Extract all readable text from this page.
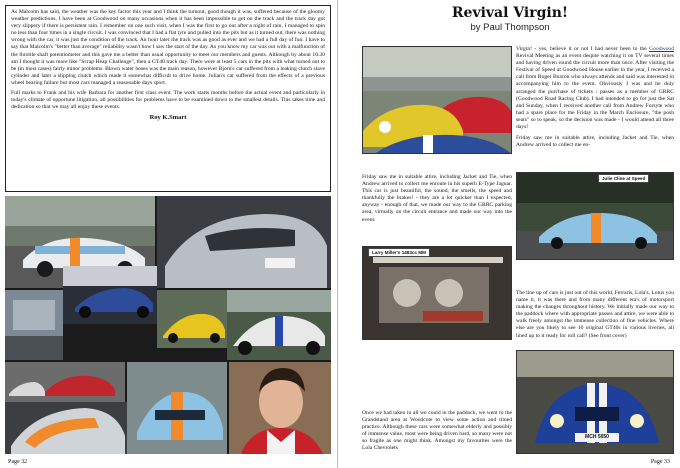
As Malcolm has said, the weather was the key factor this year and I think the turnout, good though it was, suffered because of the gloomy weather predictions. I have been at Goodwood on many occasions when it has been impossible to get on the track and the track day got very slippery if there is persistent rain. I remember on one such visit, when I was the first to go out after a night of rain, I managed to spin no less than four times in a single circuit. I was convinced that I had a flat tyre and pulled into the pits but as it turned out, there was nothing wrong with the car, it was just the condition of the track. An hour later the track was as good as ever and we had a full day of fun. I have to say that Malcolm's "better than average" reliability wasn't how I saw the start of the day. As you know my car was out with a malfunction of the throttle shaft potentiometer and this gave me a better than usual opportunity to meet our members and guests. Although by about 10.30 am I thought it was more like "Scrap Heap Challenge", then a GT40 track day. There were at least 5 cars in the pits with what turned out to be (in most cases) fairly minor problems. Blown water hoses was the main reason, however Bjorn's car suffered from a leaking clutch slave cylinder and later a slipping clutch which made it somewhat difficult to drive home. Julian's car suffered from the effects of a previous wheel bearing failure but most cars managed a reasonable days sport.

Full marks to Frank and his wife Barbara for another first class event. The work starts months before the actual event and particularly in today's climate of opportune litigation, all possibilities for problems have to be examined down to the smallest details. This takes time and dedication so that we may all enjoy these events.

Roy K.Smart
Page 32
Revival Virgin!
by Paul Thompson

Virgin! - yes, believe it or not I had never been to the Goodwood Revival Meeting as an event despite watching it on TV several times and having driven round the circuit more than once. After visiting the Festival of Speed at Goodwood House earlier in the year, I received a call from Roger Buxton who always attends and said was interested in accompanying him to the event. Obviously I was and he duly arranged the purchase of tickets / passes as a member of GRRC (Goodwood Road Racing Club). I had intended to go for just the Sat and Sunday, when I received another call from Andrew Forsyte who had a spare place for the Friday in the March Enclosure, "the posh seats" so to speak, so the decision was made - I would attend all three days!

Friday saw me in suitable attire, including Jacket and Tie, when Andrew arrived to collect me en-

Friday saw me in suitable attire, including Jacket and Tie, when Andrew arrived to collect me enroute in his superb E-Type Jaguar. This car is just beautiful, the sound, the smells, the speed and thankfully the brakes! - they are a lot quicker than I expected, anyway - enough of that, we made our way to the GRRC parking area, virtually on the circuit entrance and made our way into the event.
Julie Cline at Speed
Larry Miller's 1483cc MM
The line up of cars is just out of this world, Ferraris, Lola's, Lotus you name it, it was there and from many different era's of motorsport making the changes throughout history. We initially made our way to the paddock where with appropriate passes and attire, we were able to walk freely amongst the immense collection of fine vehicles. Where else are you likely to see 10 original GT40s in various liveries, all lined up to it ready for roll call? (See front cover)
Once we had taken in all we could in the paddock, we went to the Grandstand area at Woodcote to view some action and timed practice. Although these cars were somewhat elderly and possibly of immense value, most were being driven hard, so many were not so fragile as one might think. Amongst my favourites were the Lola Chevrolets
MCH 5050
Page 33
